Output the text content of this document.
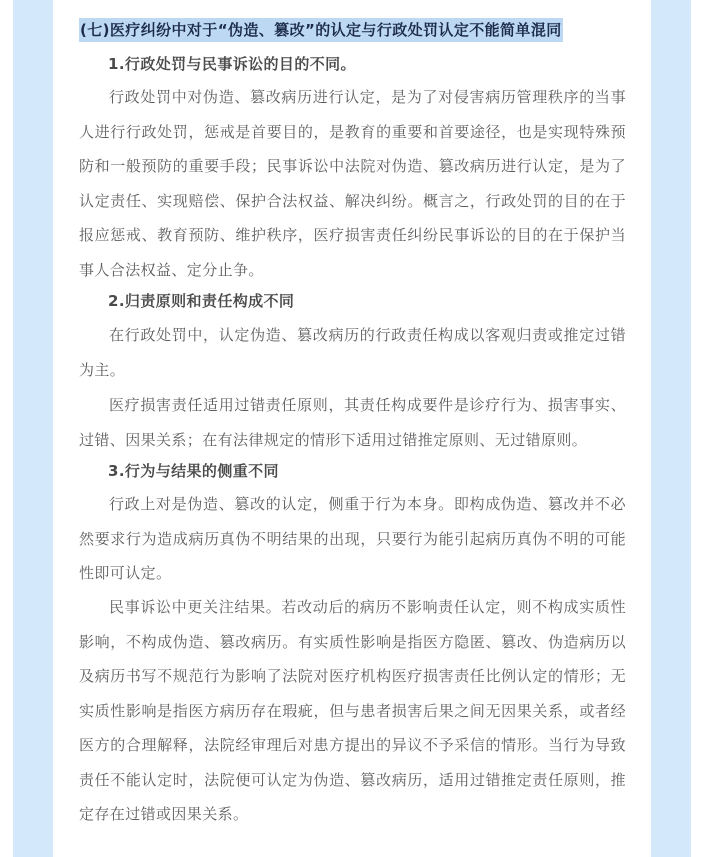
(七)医疗纠纷中对于“伪造、篡改”的认定与行政处罚认定不能简单混同
1.行政处罚与民事诉讼的目的不同。

行政处罚中对伪造、篡改病历进行认定，是为了对侵害病历管理秩序的当事人进行行政处罚，惩戒是首要目的，是教育的重要和首要途径，也是实现特殊预防和一般预防的重要手段；民事诉讼中法院对伪造、篡改病历进行认定，是为了认定责任、实现赔偿、保护合法权益、解决纠纷。概言之，行政处罚的目的在于报应惩戒、教育预防、维护秩序，医疗损害责任纠纷民事诉讼的目的在于保护当事人合法权益、定分止争。

2.归责原则和责任构成不同

在行政处罚中，认定伪造、篡改病历的行政责任构成以客观归责或推定过错为主。

医疗损害责任适用过错责任原则，其责任构成要件是诊疗行为、损害事实、过错、因果关系；在有法律规定的情形下适用过错推定原则、无过错原则。

3.行为与结果的侧重不同

行政上对是伪造、篡改的认定，侧重于行为本身。即构成伪造、篡改并不必然要求行为造成病历真伪不明结果的出现，只要行为能引起病历真伪不明的可能性即可认定。

民事诉讼中更关注结果。若改动后的病历不影响责任认定，则不构成实质性影响，不构成伪造、篡改病历。有实质性影响是指医方隐匿、篡改、伪造病历以及病历书写不规范行为影响了法院对医疗机构医疗损害责任比例认定的情形；无实质性影响是指医方病历存在瑕疵，但与患者损害后果之间无因果关系，或者经医方的合理解释，法院经审理后对患方提出的异议不予采信的情形。当行为导致责任不能认定时，法院便可认定为伪造、篡改病历，适用过错推定责任原则，推定存在过错或因果关系。
